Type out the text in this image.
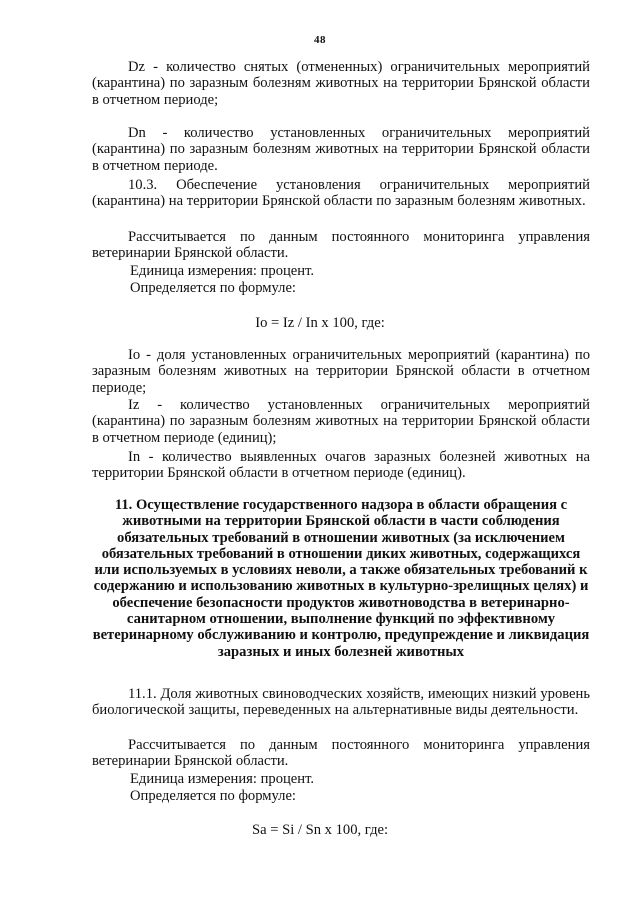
48

Dz - количество снятых (отмененных) ограничительных мероприятий (карантина) по заразным болезням животных на территории Брянской области в отчетном периоде;

Dn - количество установленных ограничительных мероприятий (карантина) по заразным болезням животных на территории Брянской области в отчетном периоде.

10.3. Обеспечение установления ограничительных мероприятий (карантина) на территории Брянской области по заразным болезням животных.

Рассчитывается по данным постоянного мониторинга управления ветеринарии Брянской области.

Единица измерения: процент.

Определяется по формуле:

Io = Iz / In x 100, где:

Io - доля установленных ограничительных мероприятий (карантина) по заразным болезням животных на территории Брянской области в отчетном периоде;

Iz - количество установленных ограничительных мероприятий (карантина) по заразным болезням животных на территории Брянской области в отчетном периоде (единиц);

In - количество выявленных очагов заразных болезней животных на территории Брянской области в отчетном периоде (единиц).

11. Осуществление государственного надзора в области обращения с животными на территории Брянской области в части соблюдения обязательных требований в отношении животных (за исключением обязательных требований в отношении диких животных, содержащихся или используемых в условиях неволи, а также обязательных требований к содержанию и использованию животных в культурно-зрелищных целях) и обеспечение безопасности продуктов животноводства в ветеринарно-санитарном отношении, выполнение функций по эффективному ветеринарному обслуживанию и контролю, предупреждение и ликвидация заразных и иных болезней животных

11.1. Доля животных свиноводческих хозяйств, имеющих низкий уровень биологической защиты, переведенных на альтернативные виды деятельности.

Рассчитывается по данным постоянного мониторинга управления ветеринарии Брянской области.

Единица измерения: процент.

Определяется по формуле:

Sa = Si / Sn x 100, где:
